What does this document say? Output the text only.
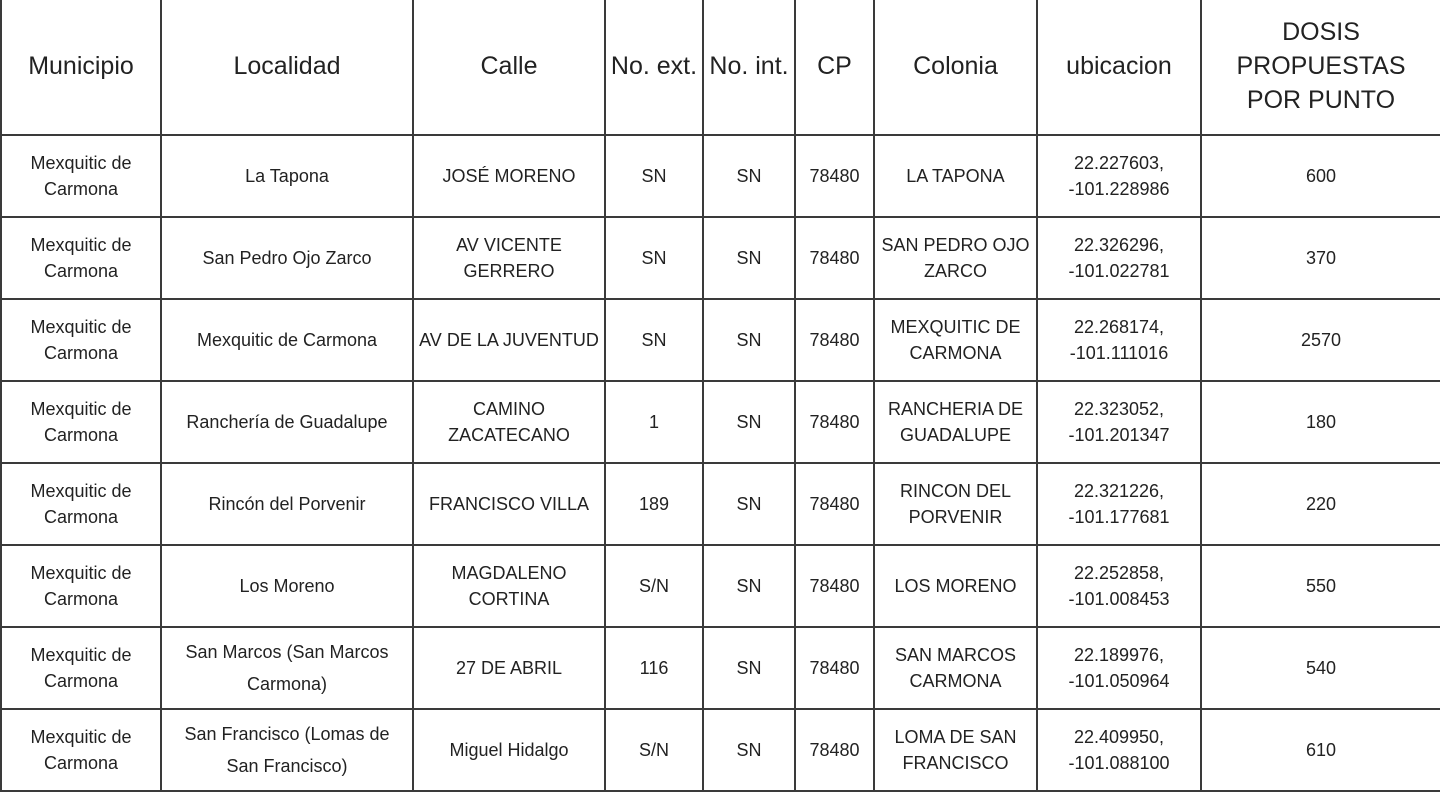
Municipio	Localidad	Calle	No. ext.	No. int.	CP	Colonia	ubicacion	DOSIS PROPUESTAS POR PUNTO
Mexquitic de Carmona	La Tapona	JOSÉ MORENO	SN	SN	78480	LA TAPONA	22.227603, -101.228986	600
Mexquitic de Carmona	San Pedro Ojo Zarco	AV VICENTE GERRERO	SN	SN	78480	SAN PEDRO OJO ZARCO	22.326296, -101.022781	370
Mexquitic de Carmona	Mexquitic de Carmona	AV DE LA JUVENTUD	SN	SN	78480	MEXQUITIC DE CARMONA	22.268174, -101.111016	2570
Mexquitic de Carmona	Ranchería de Guadalupe	CAMINO ZACATECANO	1	SN	78480	RANCHERIA DE GUADALUPE	22.323052, -101.201347	180
Mexquitic de Carmona	Rincón del Porvenir	FRANCISCO VILLA	189	SN	78480	RINCON DEL PORVENIR	22.321226, -101.177681	220
Mexquitic de Carmona	Los Moreno	MAGDALENO CORTINA	S/N	SN	78480	LOS MORENO	22.252858, -101.008453	550
Mexquitic de Carmona	San Marcos (San Marcos Carmona)	27 DE ABRIL	116	SN	78480	SAN MARCOS CARMONA	22.189976, -101.050964	540
Mexquitic de Carmona	San Francisco (Lomas de San Francisco)	Miguel Hidalgo	S/N	SN	78480	LOMA DE SAN FRANCISCO	22.409950, -101.088100	610
